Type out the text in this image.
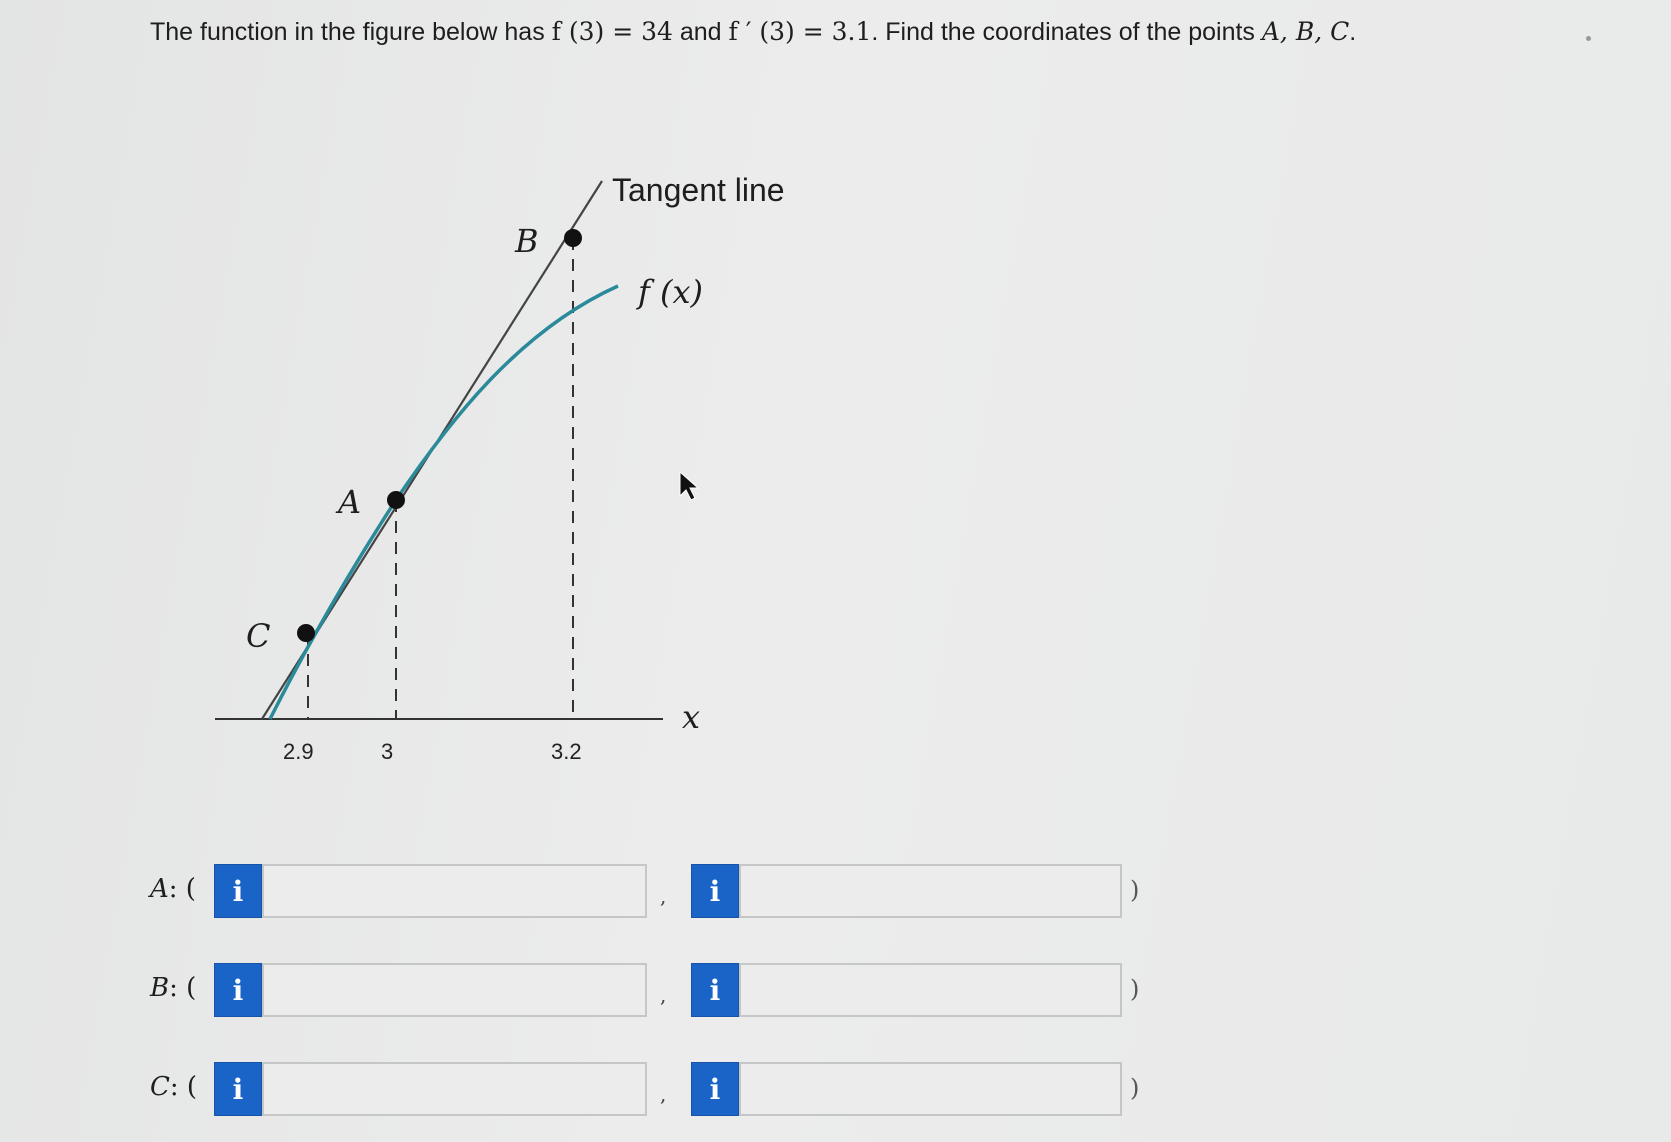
The function in the figure below has f (3) = 34 and f ′ (3) = 3.1. Find the coordinates of the points A, B, C.
Tangent line
f (x)
B
A
C
x
2.9	3	3.2
A: (	i	,	i	)
B: (	i	,	i	)
C: (	i	,	i	)
